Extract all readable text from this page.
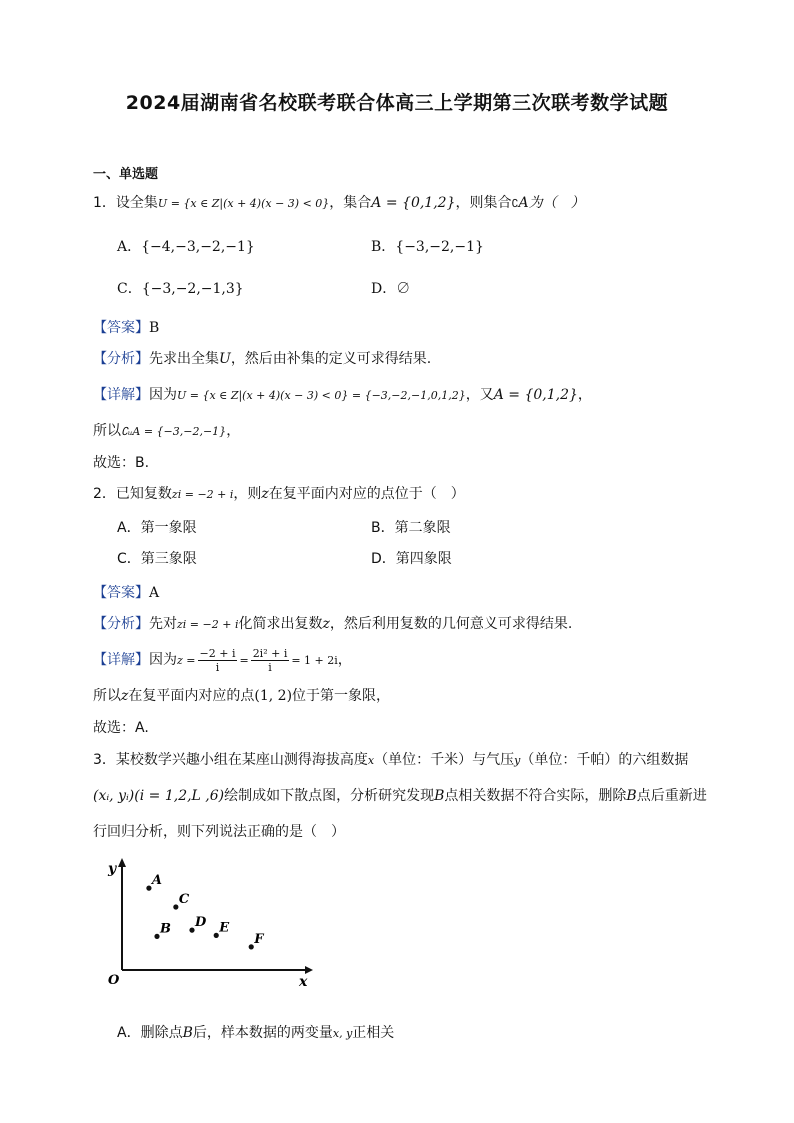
2024届湖南省名校联考联合体高三上学期第三次联考数学试题
一、单选题
1．设全集U = {x ∈ Z|(x + 4)(x − 3) < 0}，集合A = {0,1,2}，则集合∁A为（　）
A．{−4,−3,−2,−1}	B．{−3,−2,−1}
C．{−3,−2,−1,3}	D．∅
【答案】B
【分析】先求出全集U，然后由补集的定义可求得结果.
【详解】因为U = {x ∈ Z|(x + 4)(x − 3) < 0} = {−3,−2,−1,0,1,2}，又A = {0,1,2}，
所以∁ᵤA = {−3,−2,−1}，
故选：B.
2．已知复数zi = −2 + i，则z在复平面内对应的点位于（　）
A．第一象限	B．第二象限
C．第三象限	D．第四象限
【答案】A
【分析】先对zi = −2 + i化简求出复数z，然后利用复数的几何意义可求得结果.
【详解】因为$z = \frac{-2 + i}{i} = \frac{\text{2i² + i}}{i} = 1 + 2i$，
所以z在复平面内对应的点(1, 2)位于第一象限，
故选：A.
3．某校数学兴趣小组在某座山测得海拔高度x（单位：千米）与气压y（单位：千帕）的六组数据
(xᵢ, yᵢ)(i = 1,2,L ,6)绘制成如下散点图，分析研究发现B点相关数据不符合实际，删除B点后重新进
行回归分析，则下列说法正确的是（　）
y
x
O
A
B
C
D E
F
A．删除点B后，样本数据的两变量x, y正相关
